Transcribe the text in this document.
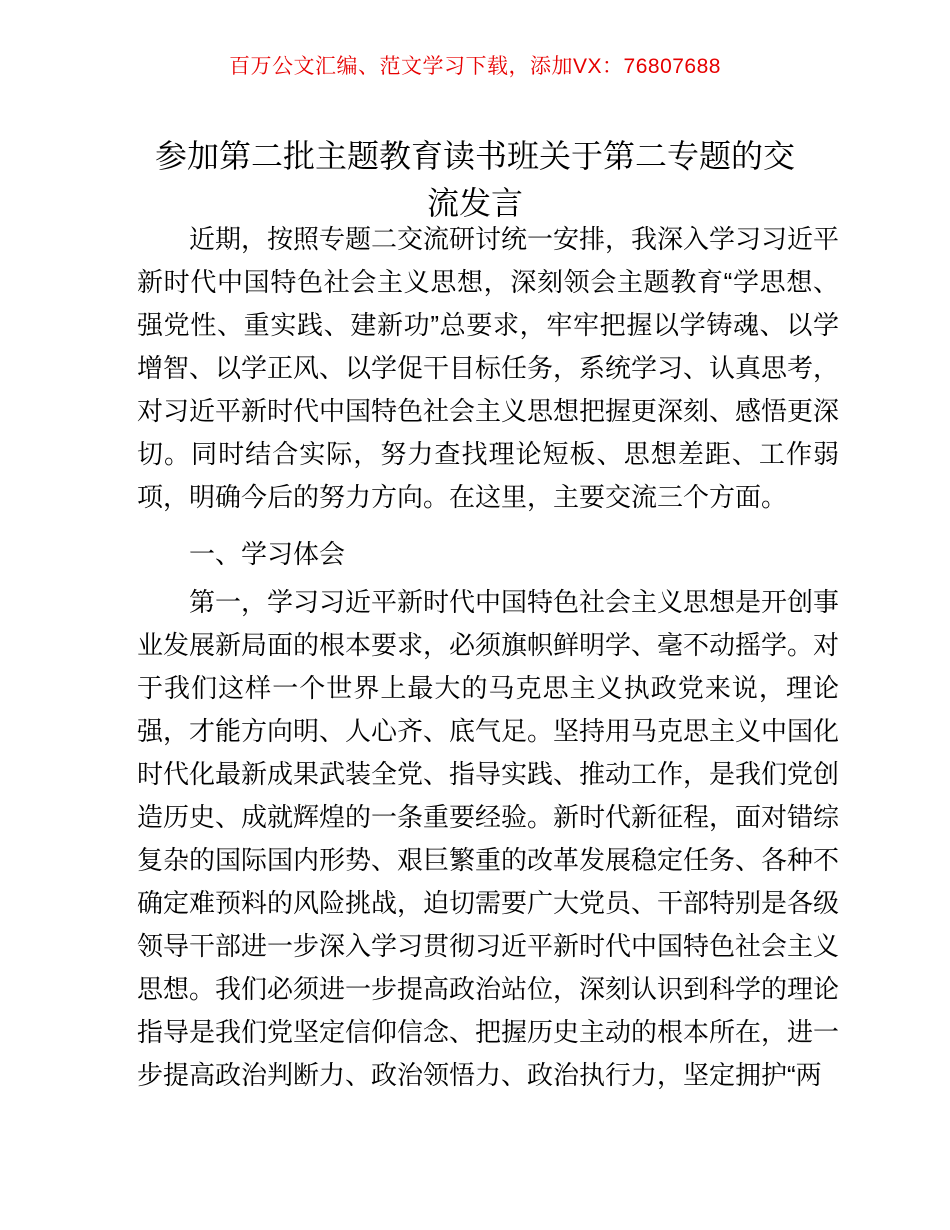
百万公文汇编、范文学习下载，添加VX：76807688
参加第二批主题教育读书班关于第二专题的交流发言

近期，按照专题二交流研讨统一安排，我深入学习习近平新时代中国特色社会主义思想，深刻领会主题教育“学思想、强党性、重实践、建新功”总要求，牢牢把握以学铸魂、以学增智、以学正风、以学促干目标任务，系统学习、认真思考，对习近平新时代中国特色社会主义思想把握更深刻、感悟更深切。同时结合实际，努力查找理论短板、思想差距、工作弱项，明确今后的努力方向。在这里，主要交流三个方面。

一、学习体会

第一，学习习近平新时代中国特色社会主义思想是开创事业发展新局面的根本要求，必须旗帜鲜明学、毫不动摇学。对于我们这样一个世界上最大的马克思主义执政党来说，理论强，才能方向明、人心齐、底气足。坚持用马克思主义中国化时代化最新成果武装全党、指导实践、推动工作，是我们党创造历史、成就辉煌的一条重要经验。新时代新征程，面对错综复杂的国际国内形势、艰巨繁重的改革发展稳定任务、各种不确定难预料的风险挑战，迫切需要广大党员、干部特别是各级领导干部进一步深入学习贯彻习近平新时代中国特色社会主义思想。我们必须进一步提高政治站位，深刻认识到科学的理论指导是我们党坚定信仰信念、把握历史主动的根本所在，进一步提高政治判断力、政治领悟力、政治执行力，坚定拥护“两
